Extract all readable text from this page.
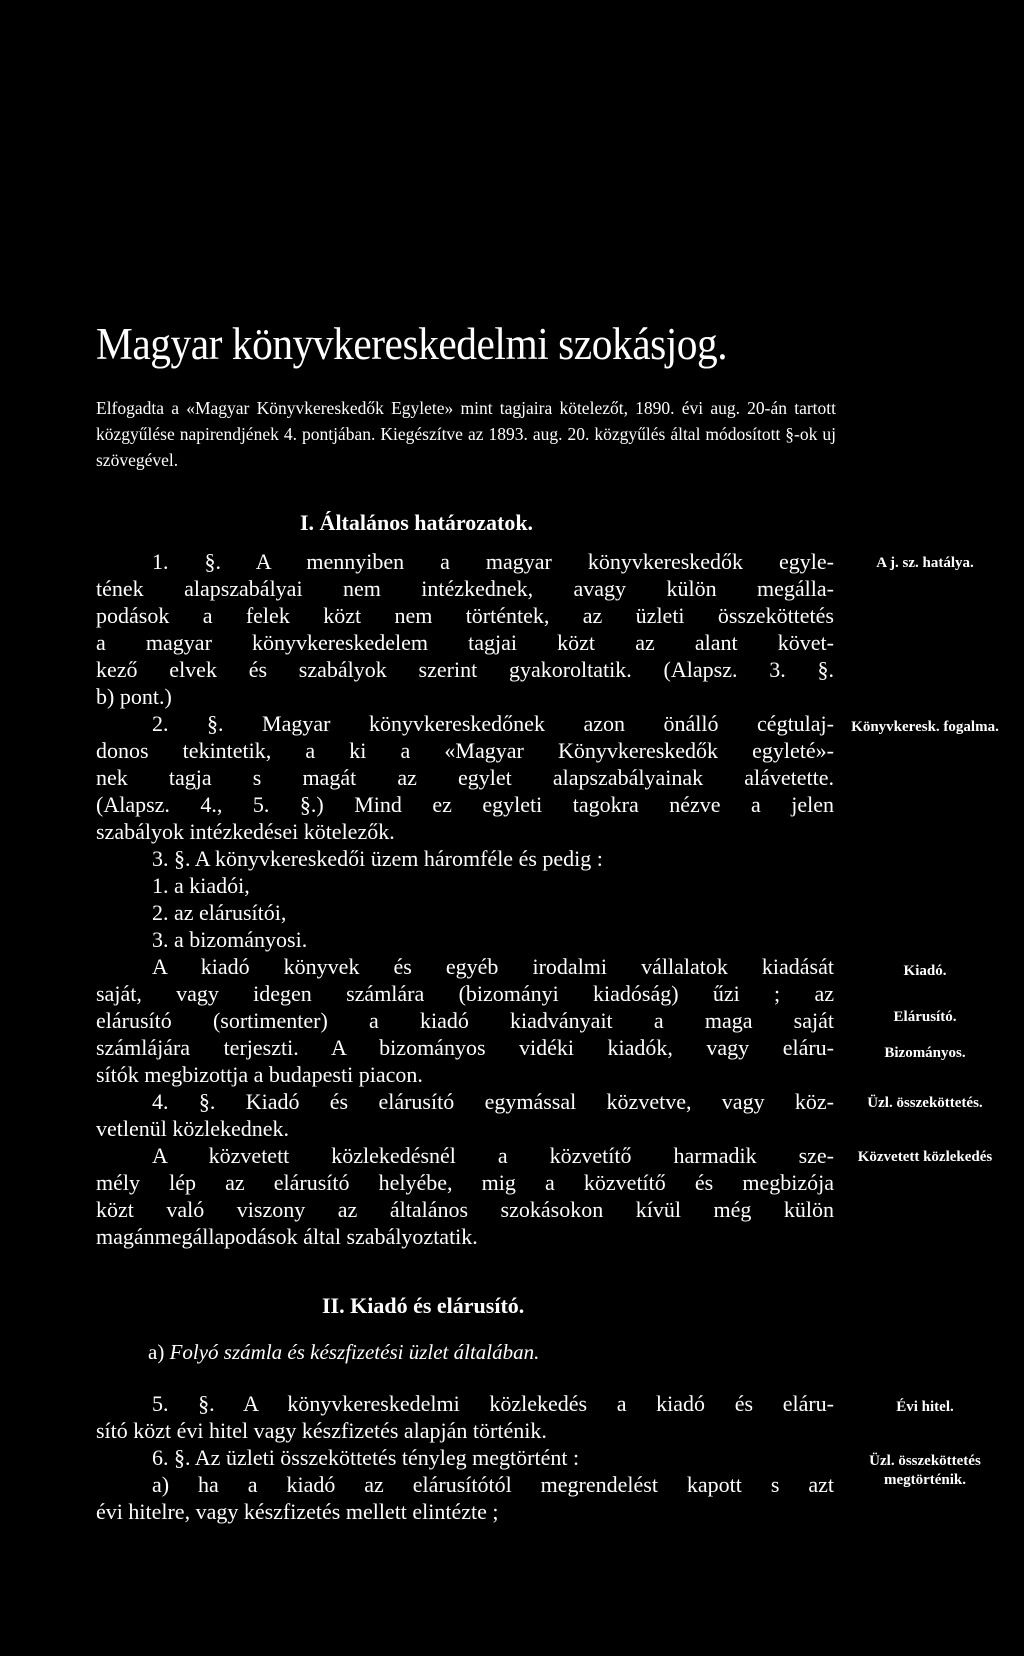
Magyar könyvkereskedelmi szokásjog.

Elfogadta a «Magyar Könyvkereskedők Egylete» mint tagjaira kötelezőt, 1890. évi aug. 20-án tartott közgyűlése napirendjének 4. pontjában. Kiegészítve az 1893. aug. 20. közgyűlés által módosított §-ok uj szövegével.

I. Általános határozatok.

1. §. A mennyiben a magyar könyvkereskedők egyle-

tének alapszabályai nem intézkednek, avagy külön megálla-

podások a felek közt nem történtek, az üzleti összeköttetés

a magyar könyvkereskedelem tagjai közt az alant követ-

kező elvek és szabályok szerint gyakoroltatik. (Alapsz. 3. §.

b) pont.)

2. §. Magyar könyvkereskedőnek azon önálló cégtulaj-

donos tekintetik, a ki a «Magyar Könyvkereskedők egyleté»-

nek tagja s magát az egylet alapszabályainak alávetette.

(Alapsz. 4., 5. §.) Mind ez egyleti tagokra nézve a jelen

szabályok intézkedései kötelezők.

3. §. A könyvkereskedői üzem háromféle és pedig :

1. a kiadói,

2. az elárusítói,

3. a bizományosi.

A kiadó könyvek és egyéb irodalmi vállalatok kiadását

saját, vagy idegen számlára (bizományi kiadóság) űzi ; az

elárusító (sortimenter) a kiadó kiadványait a maga saját

számlájára terjeszti. A bizományos vidéki kiadók, vagy eláru-

sítók megbizottja a budapesti piacon.

4. §. Kiadó és elárusító egymással közvetve, vagy köz-

vetlenül közlekednek.

A közvetett közlekedésnél a közvetítő harmadik sze-

mély lép az elárusító helyébe, mig a közvetítő és megbizója

közt való viszony az általános szokásokon kívül még külön

magánmegállapodások által szabályoztatik.

II. Kiadó és elárusító.

a) Folyó számla és készfizetési üzlet általában.

5. §. A könyvkereskedelmi közlekedés a kiadó és eláru-

sító közt évi hitel vagy készfizetés alapján történik.

6. §. Az üzleti összeköttetés tényleg megtörtént :

a) ha a kiadó az elárusítótól megrendelést kapott s azt

évi hitelre, vagy készfizetés mellett elintézte ;

A j. sz. hatálya.

Könyvkeresk. fogalma.

Kiadó.

Elárusító.

Bizományos.

Üzl. összeköttetés.

Közvetett közlekedés

Évi hitel.

Üzl. összeköttetés megtörténik.
